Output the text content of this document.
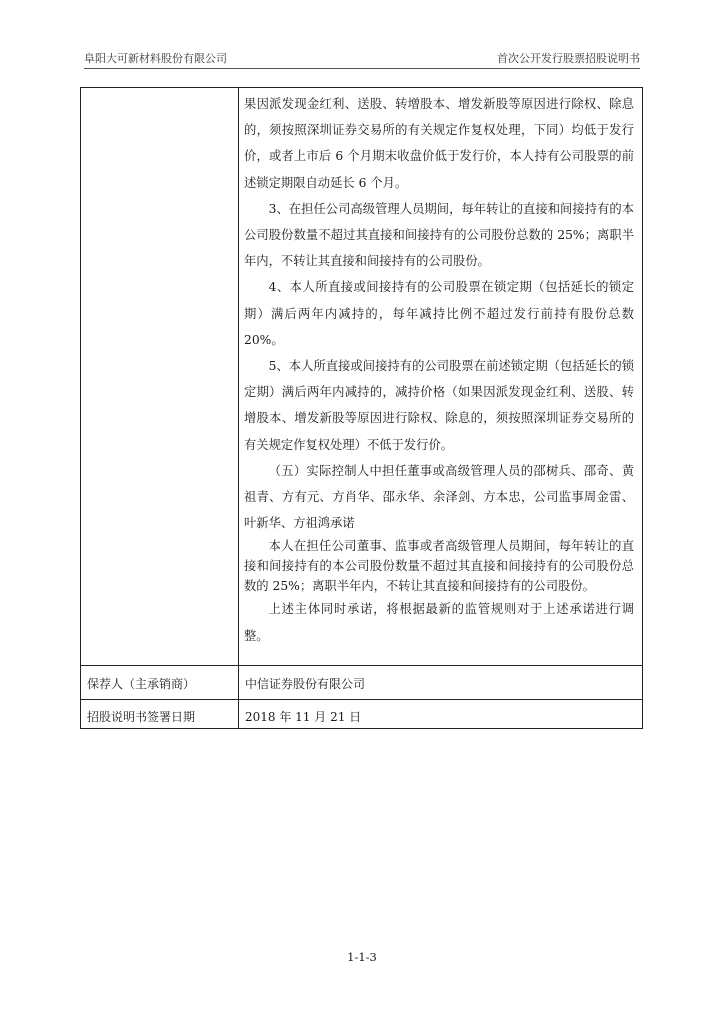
阜阳大可新材料股份有限公司	首次公开发行股票招股说明书

果因派发现金红利、送股、转增股本、增发新股等原因进行除权、除息的，须按照深圳证券交易所的有关规定作复权处理，下同）均低于发行价，或者上市后 6 个月期末收盘价低于发行价，本人持有公司股票的前述锁定期限自动延长 6 个月。

3、在担任公司高级管理人员期间，每年转让的直接和间接持有的本公司股份数量不超过其直接和间接持有的公司股份总数的 25%；离职半年内，不转让其直接和间接持有的公司股份。

4、本人所直接或间接持有的公司股票在锁定期（包括延长的锁定期）满后两年内减持的，每年减持比例不超过发行前持有股份总数 20%。

5、本人所直接或间接持有的公司股票在前述锁定期（包括延长的锁定期）满后两年内减持的，减持价格（如果因派发现金红利、送股、转增股本、增发新股等原因进行除权、除息的，须按照深圳证券交易所的有关规定作复权处理）不低于发行价。

（五）实际控制人中担任董事或高级管理人员的邵树兵、邵奇、黄祖青、方有元、方肖华、邵永华、余泽剑、方本忠，公司监事周金雷、叶新华、方祖鸿承诺

本人在担任公司董事、监事或者高级管理人员期间，每年转让的直接和间接持有的本公司股份数量不超过其直接和间接持有的公司股份总数的 25%；离职半年内，不转让其直接和间接持有的公司股份。

上述主体同时承诺，将根据最新的监管规则对于上述承诺进行调整。

保荐人（主承销商）	中信证券股份有限公司
招股说明书签署日期	2018 年 11 月 21 日
1-1-3
